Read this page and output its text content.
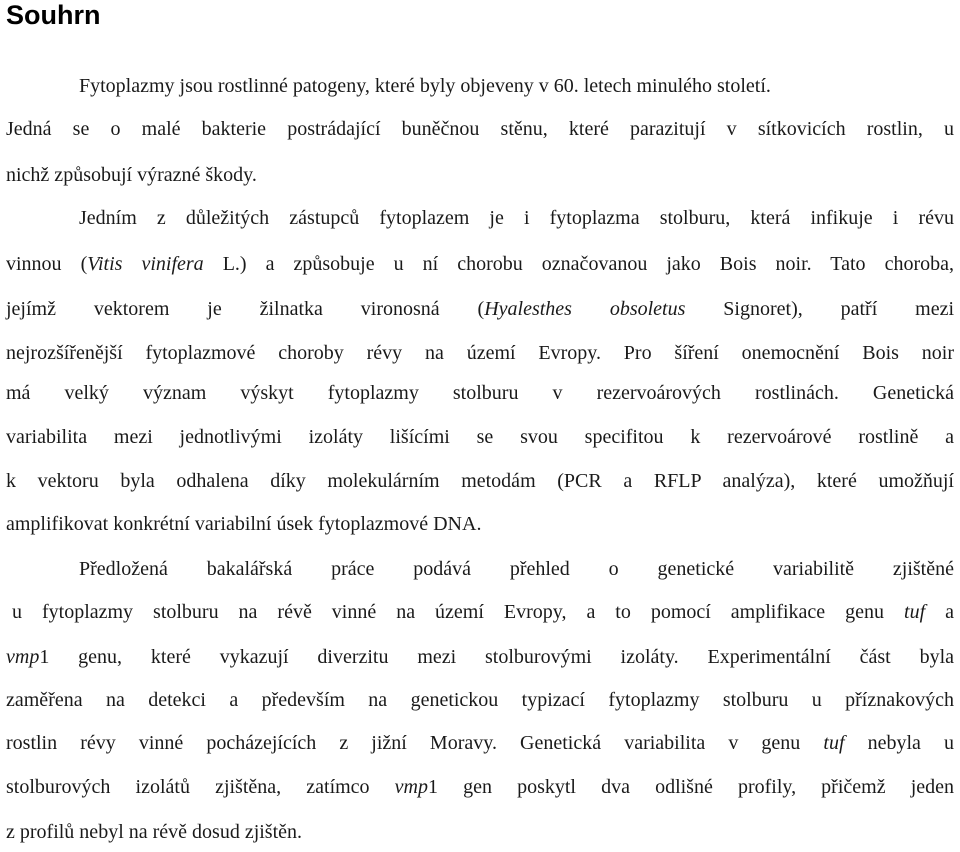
Souhrn
Fytoplazmy jsou rostlinné patogeny, které byly objeveny v 60. letech minulého století.
Jedná se o malé bakterie postrádající buněčnou stěnu, které parazitují v sítkovicích rostlin, u
nichž způsobují výrazné škody.
Jedním z důležitých zástupců fytoplazem je i fytoplazma stolburu, která infikuje i révu
vinnou (Vitis vinifera L.) a způsobuje u ní chorobu označovanou jako Bois noir. Tato choroba,
jejímž vektorem je žilnatka vironosná (Hyalesthes obsoletus Signoret), patří mezi
nejrozšířenější fytoplazmové choroby révy na území Evropy. Pro šíření onemocnění Bois noir
má velký význam výskyt fytoplazmy stolburu v rezervoárových rostlinách. Genetická
variabilita mezi jednotlivými izoláty lišícími se svou specifitou k rezervoárové rostlině a
k vektoru byla odhalena díky molekulárním metodám (PCR a RFLP analýza), které umožňují
amplifikovat konkrétní variabilní úsek fytoplazmové DNA.
Předložená bakalářská práce podává přehled o genetické variabilitě zjištěné
u fytoplazmy stolburu na révě vinné na území Evropy, a to pomocí amplifikace genu tuf a
vmp1 genu, které vykazují diverzitu mezi stolburovými izoláty. Experimentální část byla
zaměřena na detekci a především na genetickou typizací fytoplazmy stolburu u příznakových
rostlin révy vinné pocházejících z jižní Moravy. Genetická variabilita v genu tuf nebyla u
stolburových izolátů zjištěna, zatímco vmp1 gen poskytl dva odlišné profily, přičemž jeden
z profilů nebyl na révě dosud zjištěn.
